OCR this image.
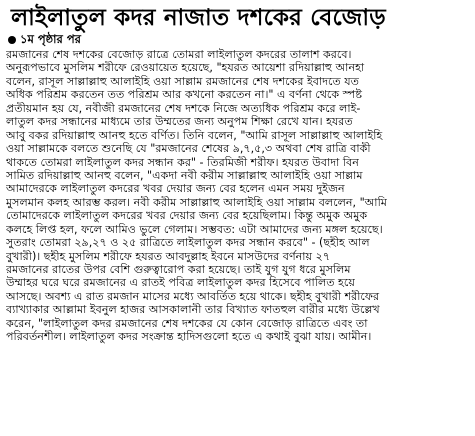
লাইলাতুল কদর নাজাত দশকের বেজোড়
১ম পৃষ্ঠার পর
রমজানের শেষ দশকের বেজোড় রাত্রে তোমরা লাইলাতুল কদরের তালাশ করবে।
অনুরূপভাবে মুসলিম শরীফে রেওয়ায়েত হয়েছে, "হযরত আয়েশা রদিয়াল্লাহু আনহা
বলেন, রাসূল সাল্লাল্লাহু আলাইহি ওয়া সাল্লাম রমজানের শেষ দশকের ইবাদতে যত
অধিক পরিশ্রম করতেন তত পরিশ্রম আর কখনো করতেন না।" এ বর্ণনা থেকে স্পষ্ট
প্রতীয়মান হয় যে, নবীজী রমজানের শেষ দশকে নিজে অত্যধিক পরিশ্রম করে লাই-
লাতুল কদর সন্ধানের মাধ্যমে তার উম্মতের জন্য অনুপম শিক্ষা রেখে যান। হযরত
আবু বকর রদিয়াল্লাহু আনহু হতে বর্ণিত। তিনি বলেন, "আমি রাসূল সাল্লাল্লাহু আলাইহি
ওয়া সাল্লামকে বলতে শুনেছি যে "রমজানের শেষের ৯,৭,৫,৩ অথবা শেষ রাত্রি বাকী
থাকতে তোমরা লাইলাতুল কদর সন্ধান কর" - তিরমিজী শরীফ। হযরত উবাদা বিন
সামিত রদিয়াল্লাহু আনহু বলেন, "একদা নবী করীম সাল্লাল্লাহু আলাইহি ওয়া সাল্লাম
আমাদেরকে লাইলাতুল কদরের খবর দেয়ার জন্য বের হলেন এমন সময় দুইজন
মুসলমান কলহ আরম্ভ করল। নবী করীম সাল্লাল্লাহু আলাইহি ওয়া সাল্লাম বললেন, "আমি
তোমাদেরকে লাইলাতুল কদরের খবর দেয়ার জন্য বের হয়েছিলাম। কিন্তু অমুক অমুক
কলহে লিপ্ত হল, ফলে আমিও ভুলে গেলাম। সম্ভবত: এটা আমাদের জন্য মঙ্গল হয়েছে।
সুতরাং তোমরা ২৯,২৭ ও ২৫ রাত্রিতে লাইলাতুল কদর সন্ধান করবে" - (ছহীহ আল
বুখারী)। ছহীহ মুসলিম শরীফে হযরত আবদুল্লাহ ইবনে মাসউদের বর্ণনায় ২৭
রমজানের রাতের উপর বেশি গুরুত্বারোপ করা হয়েছে। তাই যুগ যুগ ধরে মুসলিম
উম্মাহর ঘরে ঘরে রমজানের এ রাতই পবিত্র লাইলাতুল কদর হিসেবে পালিত হয়ে
আসছে। অবশ্য এ রাত রমজান মাসের মধ্যে আবর্তিত হয়ে থাকে। ছহীহ বুখারী শরীফের
ব্যাখ্যাকার আল্লামা ইবনুল হাজর আসকালানী তার বিখ্যাত ফাতহুল বারীর মধ্যে উল্লেখ
করেন, "লাইলাতুল কদর রমজানের শেষ দশকের যে কোন বেজোড় রাত্রিতে এবং তা
পরিবর্তনশীল। লাইলাতুল কদর সংক্রান্ত হাদিসগুলো হতে এ কথাই বুঝা যায়। আমীন।
